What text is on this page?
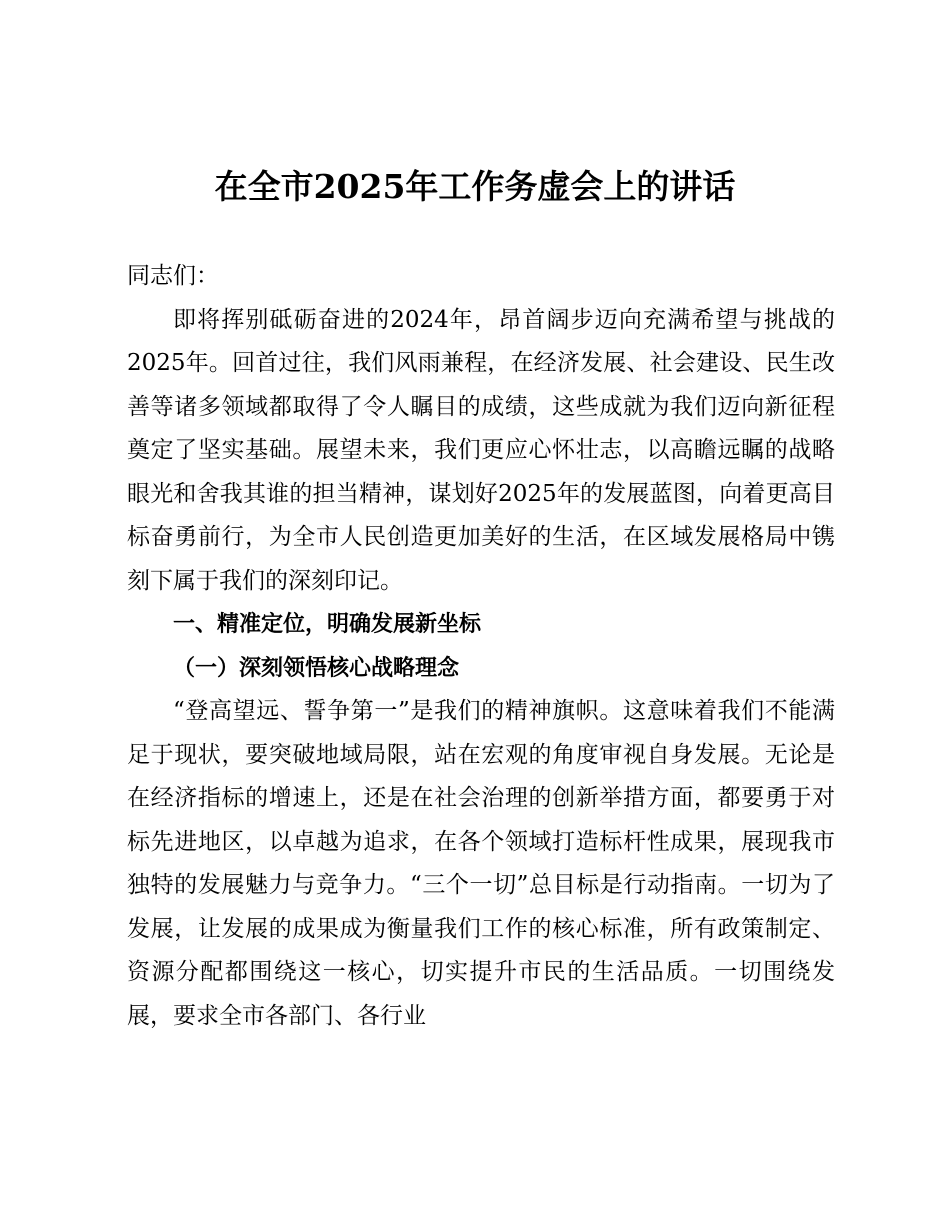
在全市2025年工作务虚会上的讲话

同志们：

即将挥别砥砺奋进的2024年，昂首阔步迈向充满希望与挑战的2025年。回首过往，我们风雨兼程，在经济发展、社会建设、民生改善等诸多领域都取得了令人瞩目的成绩，这些成就为我们迈向新征程奠定了坚实基础。展望未来，我们更应心怀壮志，以高瞻远瞩的战略眼光和舍我其谁的担当精神，谋划好2025年的发展蓝图，向着更高目标奋勇前行，为全市人民创造更加美好的生活，在区域发展格局中镌刻下属于我们的深刻印记。

一、精准定位，明确发展新坐标

（一）深刻领悟核心战略理念

“登高望远、誓争第一”是我们的精神旗帜。这意味着我们不能满足于现状，要突破地域局限，站在宏观的角度审视自身发展。无论是在经济指标的增速上，还是在社会治理的创新举措方面，都要勇于对标先进地区，以卓越为追求，在各个领域打造标杆性成果，展现我市独特的发展魅力与竞争力。“三个一切”总目标是行动指南。一切为了发展，让发展的成果成为衡量我们工作的核心标准，所有政策制定、资源分配都围绕这一核心，切实提升市民的生活品质。一切围绕发展，要求全市各部门、各行业
